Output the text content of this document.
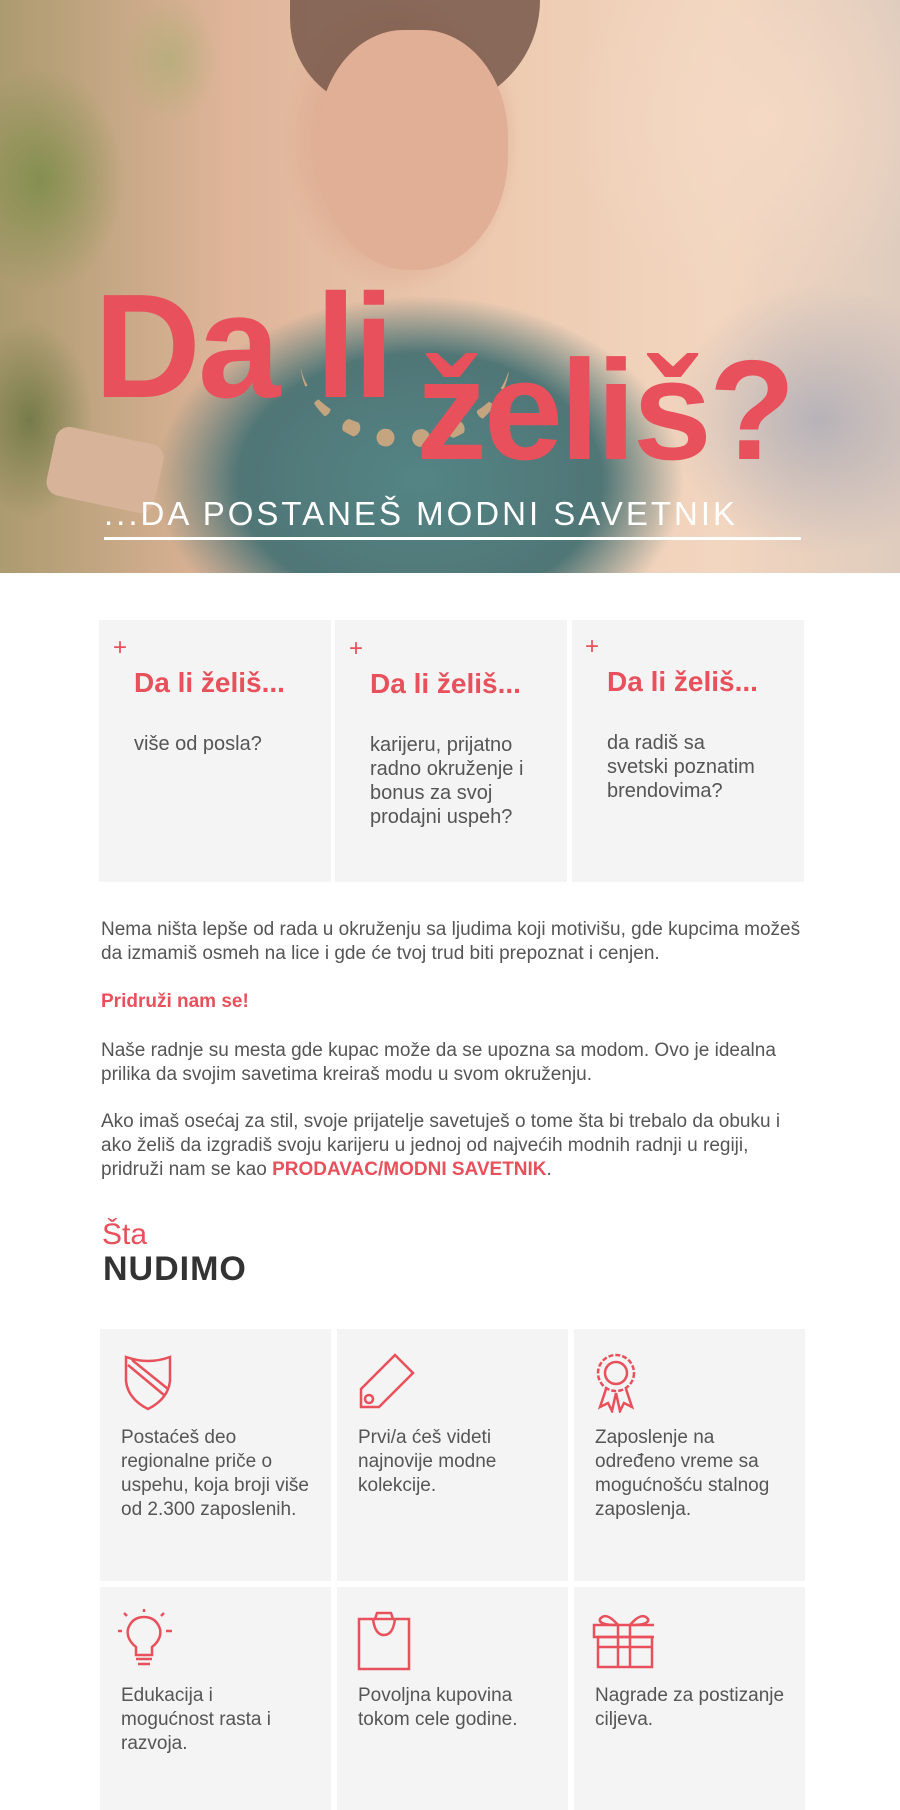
Da li želiš?
...DA POSTANEŠ MODNI SAVETNIK
+
Da li želiš...

više od posla?

+
Da li želiš...

karijeru, prijatno radno okruženje i bonus za svoj prodajni uspeh?

+
Da li želiš...

da radiš sa svetski poznatim brendovima?

Nema ništa lepše od rada u okruženju sa ljudima koji motivišu, gde kupcima možeš da izmamiš osmeh na lice i gde će tvoj trud biti prepoznat i cenjen.

Pridruži nam se!

Naše radnje su mesta gde kupac može da se upozna sa modom. Ovo je idealna prilika da svojim savetima kreiraš modu u svom okruženju.

Ako imaš osećaj za stil, svoje prijatelje savetuješ o tome šta bi trebalo da obuku i ako želiš da izgradiš svoju karijeru u jednoj od najvećih modnih radnji u regiji, pridruži nam se kao PRODAVAC/MODNI SAVETNIK.

Šta
NUDIMO

Postaćeš deo regionalne priče o uspehu, koja broji više od 2.300 zaposlenih.

Prvi/a ćeš videti najnovije modne kolekcije.

Zaposlenje na određeno vreme sa mogućnošću stalnog zaposlenja.

Edukacija i mogućnost rasta i razvoja.

Povoljna kupovina tokom cele godine.

Nagrade za postizanje ciljeva.
